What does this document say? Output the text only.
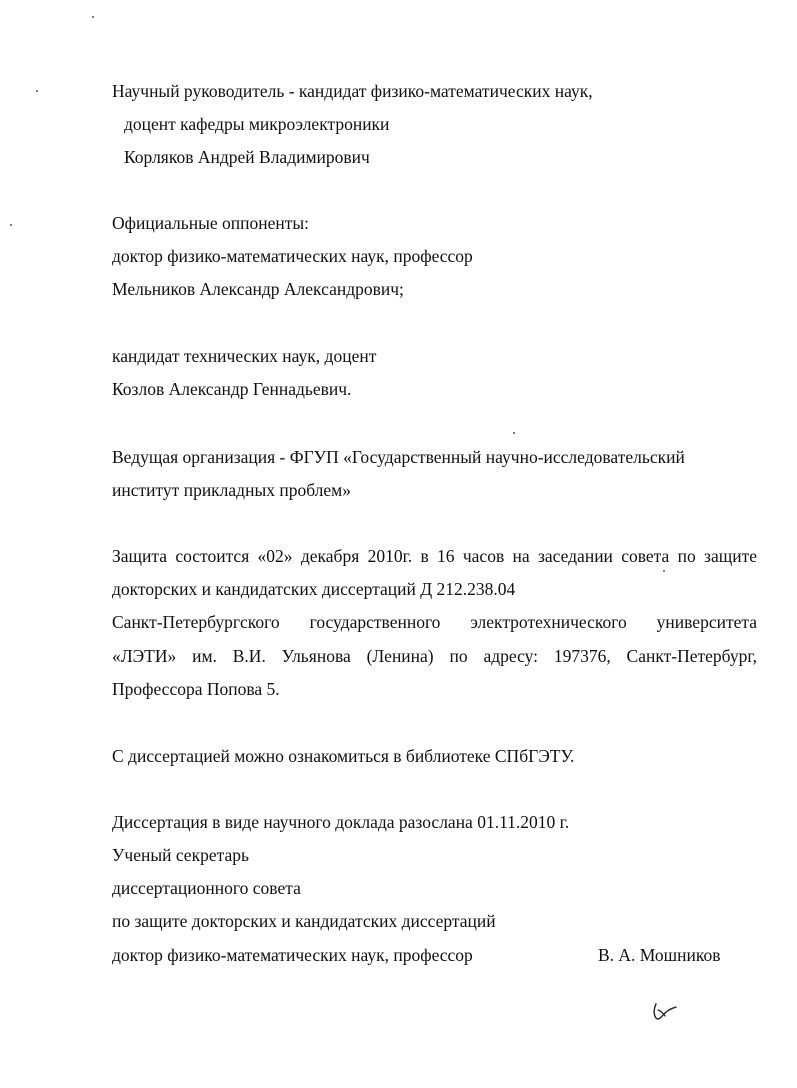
Научный руководитель - кандидат физико-математических наук,

доцент кафедры микроэлектроники

Корляков Андрей Владимирович

Официальные оппоненты:

доктор физико-математических наук, профессор

Мельников Александр Александрович;

кандидат технических наук, доцент

Козлов Александр Геннадьевич.

Ведущая организация - ФГУП «Государственный научно-исследовательский

институт прикладных проблем»

Защита состоится «02» декабря 2010г. в 16 часов на заседании совета по защите

докторских и кандидатских диссертаций Д 212.238.04

Санкт-Петербургского государственного электротехнического университета

«ЛЭТИ» им. В.И. Ульянова (Ленина) по адресу: 197376, Санкт-Петербург,

Профессора Попова 5.

С диссертацией можно ознакомиться в библиотеке СПбГЭТУ.

Диссертация в виде научного доклада разослана 01.11.2010 г.

Ученый секретарь

диссертационного совета

по защите докторских и кандидатских диссертаций

доктор физико-математических наук, профессор	В. А. Мошников
